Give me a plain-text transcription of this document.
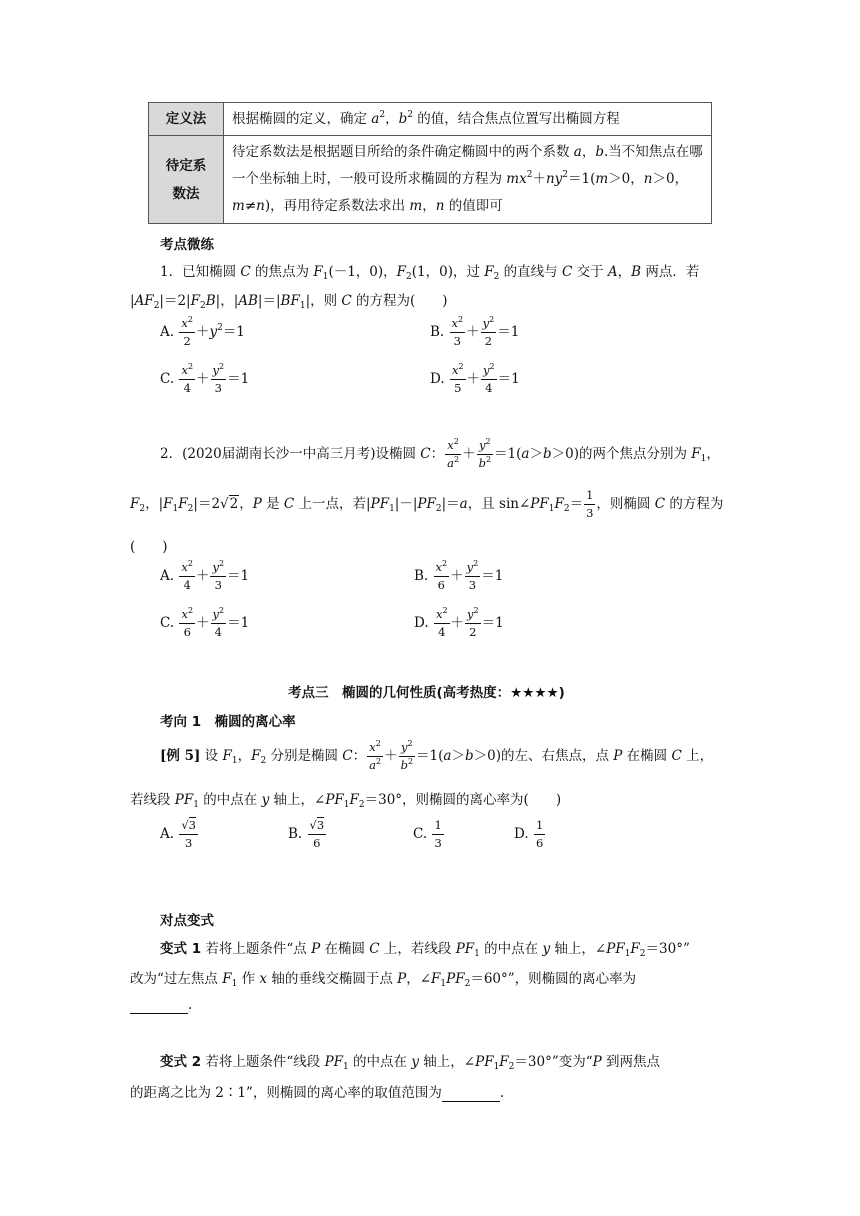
定义法	根据椭圆的定义，确定 $a^2$，$b^2$ 的值，结合焦点位置写出椭圆方程
待定系数法	待定系数法是根据题目所给的条件确定椭圆中的两个系数 a，b.当不知焦点在哪一个坐标轴上时，一般可设所求椭圆的方程为 $mx^2+ny^2=1(m>0$，n＞0，m≠n)，再用待定系数法求出 m，n 的值即可
考点微练
1．已知椭圆 C 的焦点为 $F_1(-1$，0)，$F_2(1$，0)，过 $F_2$ 的直线与 C 交于 A，B 两点．若
$|AF_2|=2|F_2B|$，$|AB|=|BF_1|$，则 C 的方程为(　　)
A. $\frac{x^2}{2} +y^2=1$	B. $\frac{x^2}{3} + \frac{y^2}{2} =1$
C. $\frac{x^2}{4} + \frac{y^2}{3} =1$	D. $\frac{x^2}{5} + \frac{y^2}{4} =1$
2．(2020届湖南长沙一中高三月考)设椭圆 C： $\frac{x^2}{a^2} + \frac{y^2}{b^2} =1(a>b>0)$的两个焦点分别为 $F_1$，
$F_2$，$|F_1F_2|=2√2$，P 是 C 上一点，若$|PF_1|-|PF_2|=a$，且 $\sin\angle PF_1F_2= \frac{1}{3}$ ，则椭圆 C 的方程为
(　　)
A. $\frac{x^2}{4} + \frac{y^2}{3} =1$	B. $\frac{x^2}{6} + \frac{y^2}{3} =1$
C. $\frac{x^2}{6} + \frac{y^2}{4} =1$	D. $\frac{x^2}{4} + \frac{y^2}{2} =1$
考点三　椭圆的几何性质(高考热度：★★★★)
考向 1　椭圆的离心率
[例 5] 设 $F_1$，$F_2$ 分别是椭圆 C： $\frac{x^2}{a^2} + \frac{y^2}{b^2} =1(a>b>0)$的左、右焦点，点 P 在椭圆 C 上，
若线段 $PF_1$ 的中点在 y 轴上，$\angle PF_1F_2=30^\circ$，则椭圆的离心率为(　　)
A. $\frac{√3}{3}$	B. $\frac{√3}{6}$	C. $\frac{1}{3}$	D. $\frac{1}{6}$
对点变式
变式 1 若将上题条件“点 P 在椭圆 C 上，若线段 $PF_1$ 的中点在 y 轴上，$\angle PF_1F_2=30^\circ$”
改为“过左焦点 $F_1$ 作 x 轴的垂线交椭圆于点 P，$\angle F_1PF_2=60^\circ$”，则椭圆的离心率为
.
变式 2 若将上题条件“线段 $PF_1$ 的中点在 y 轴上，$\angle PF_1F_2=30^\circ$”变为“P 到两焦点
的距离之比为 2∶1”，则椭圆的离心率的取值范围为	.
